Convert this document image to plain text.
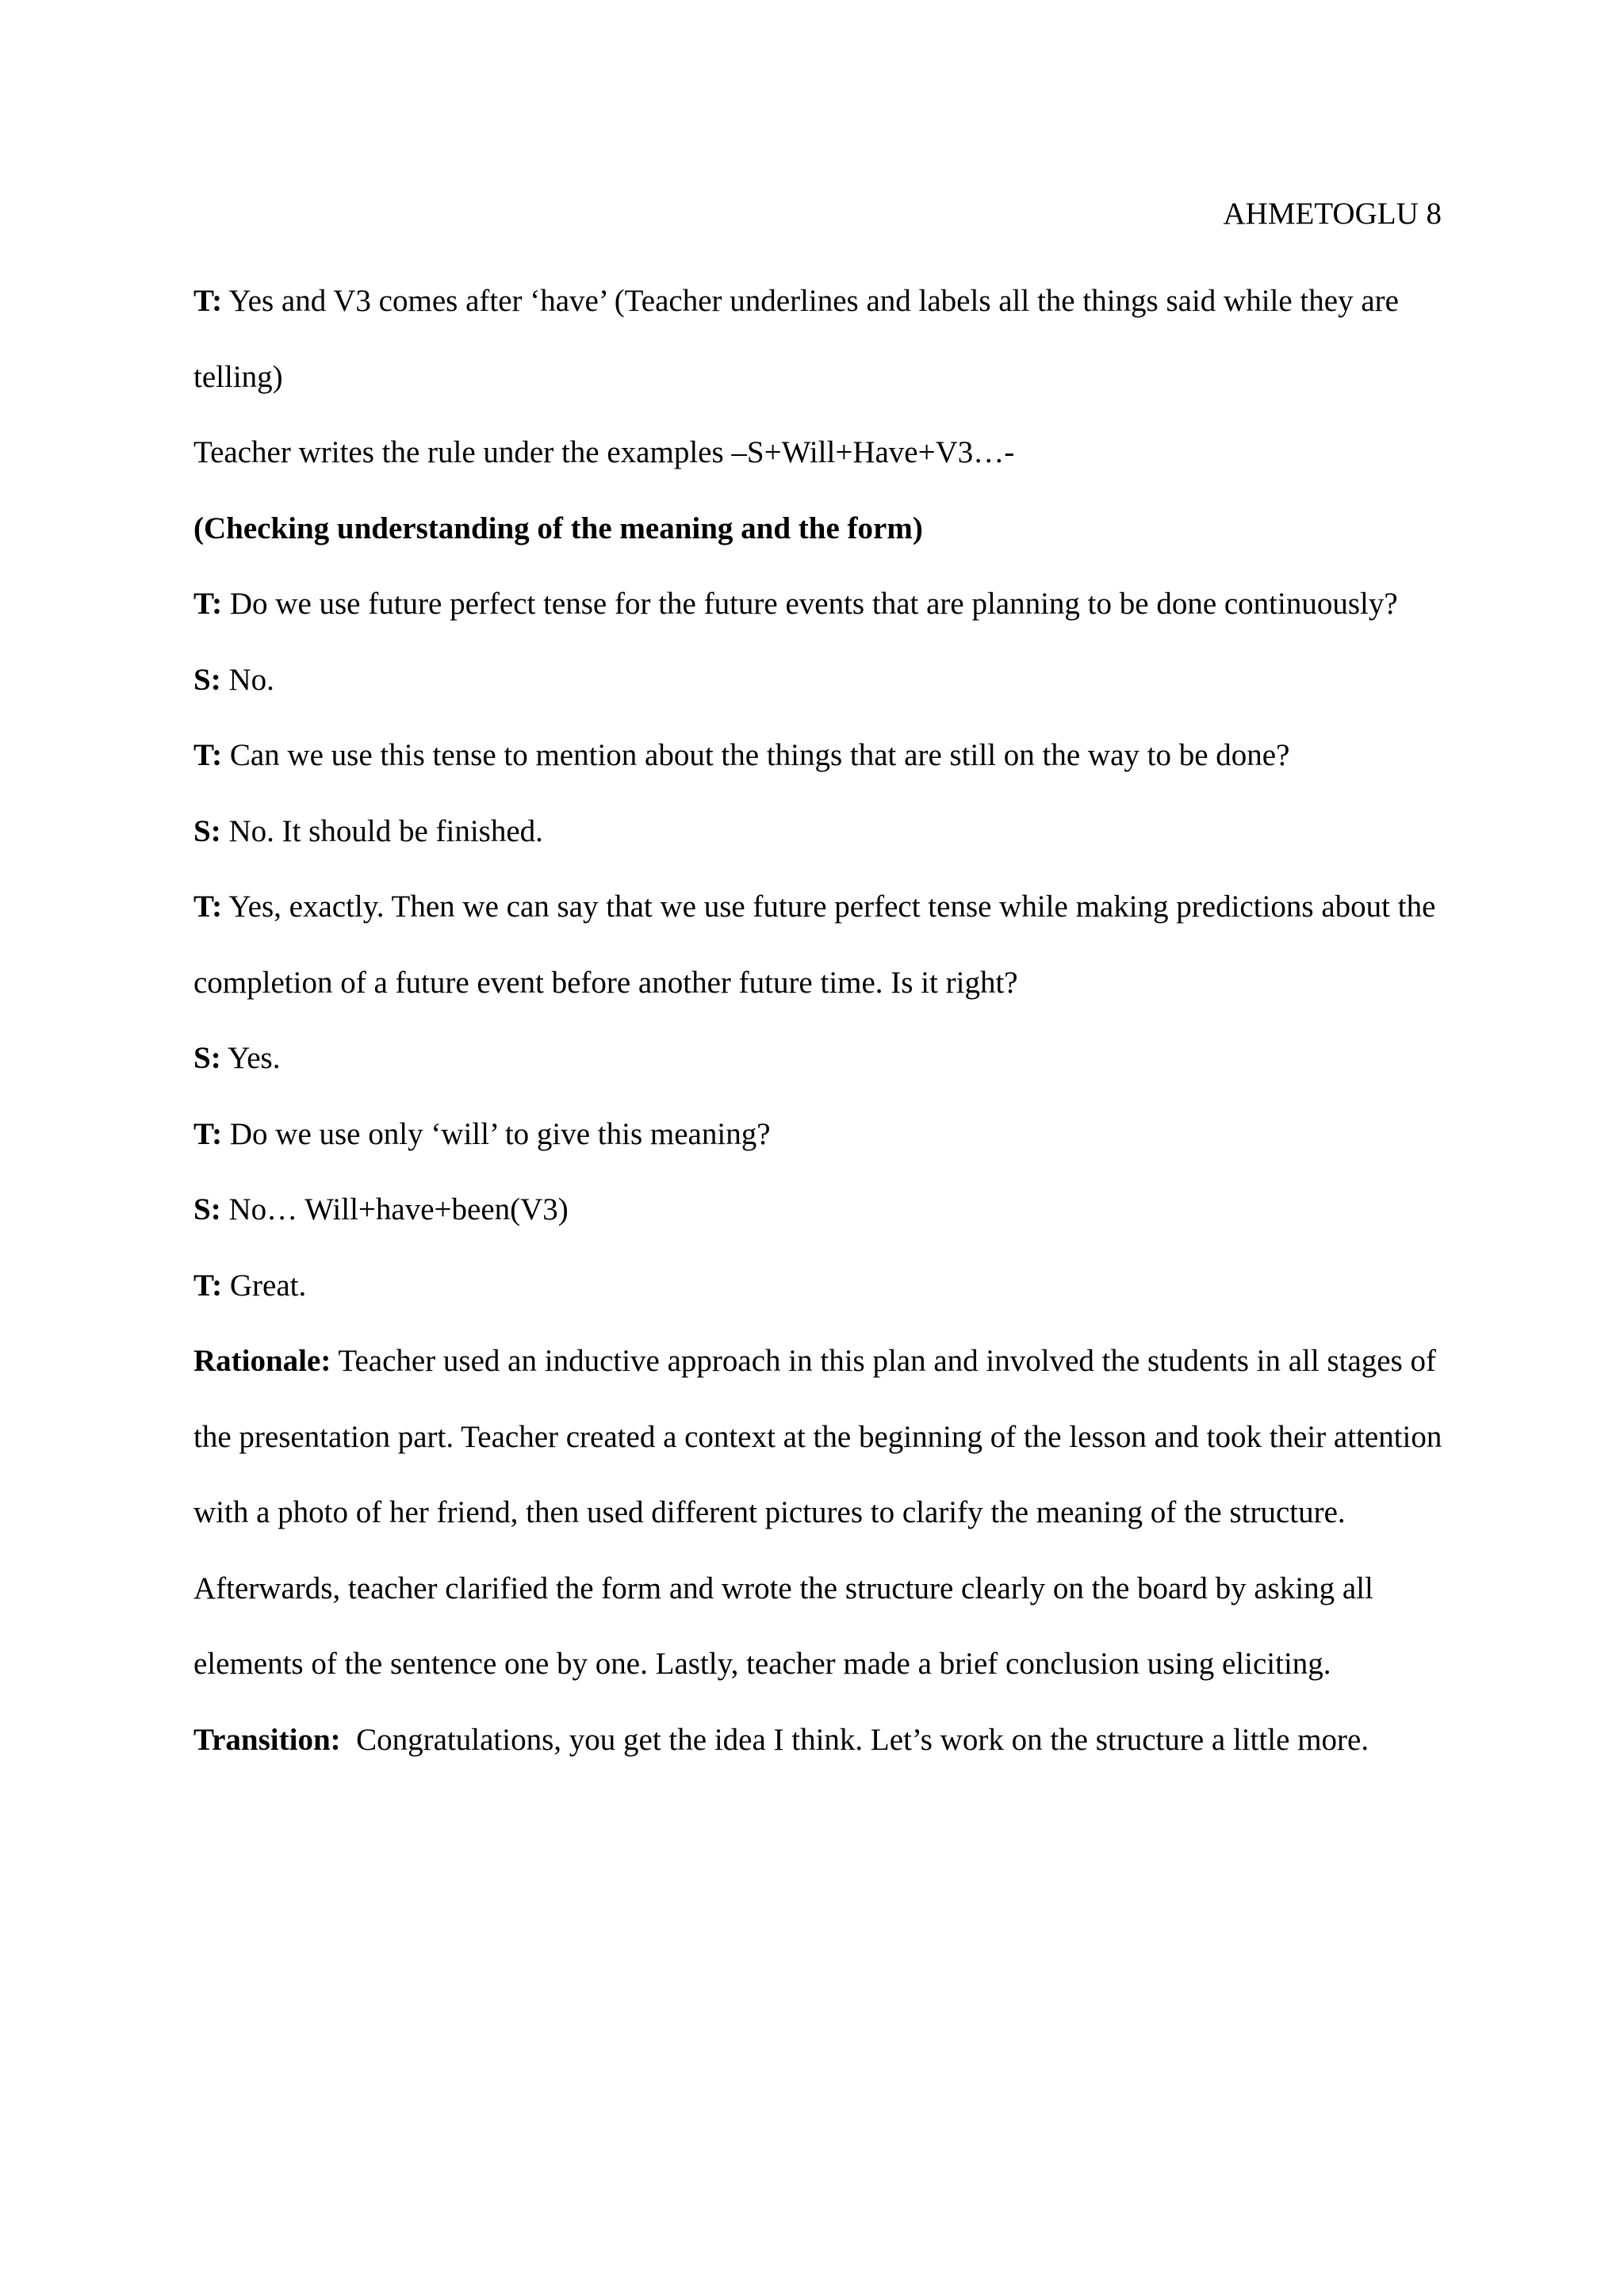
AHMETOGLU 8

T: Yes and V3 comes after ‘have’ (Teacher underlines and labels all the things said while they are telling)

Teacher writes the rule under the examples –S+Will+Have+V3…-

(Checking understanding of the meaning and the form)

T: Do we use future perfect tense for the future events that are planning to be done continuously?

S: No.

T: Can we use this tense to mention about the things that are still on the way to be done?

S: No. It should be finished.

T: Yes, exactly. Then we can say that we use future perfect tense while making predictions about the completion of a future event before another future time. Is it right?

S: Yes.

T: Do we use only ‘will’ to give this meaning?

S: No… Will+have+been(V3)

T: Great.

Rationale: Teacher used an inductive approach in this plan and involved the students in all stages of the presentation part. Teacher created a context at the beginning of the lesson and took their attention with a photo of her friend, then used different pictures to clarify the meaning of the structure. Afterwards, teacher clarified the form and wrote the structure clearly on the board by asking all elements of the sentence one by one. Lastly, teacher made a brief conclusion using eliciting.

Transition:  Congratulations, you get the idea I think. Let’s work on the structure a little more.
